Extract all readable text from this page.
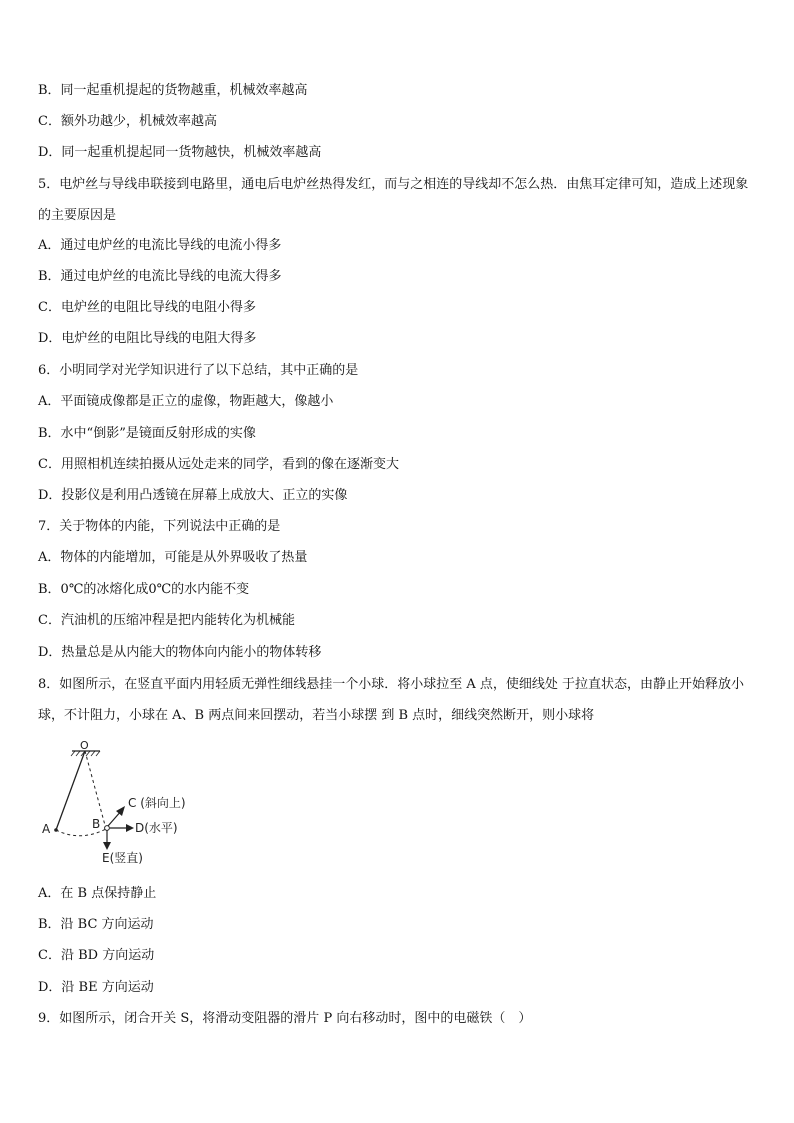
B．同一起重机提起的货物越重，机械效率越高
C．额外功越少，机械效率越高
D．同一起重机提起同一货物越快，机械效率越高
5．电炉丝与导线串联接到电路里，通电后电炉丝热得发红，而与之相连的导线却不怎么热．由焦耳定律可知，造成上述现象的主要原因是
A．通过电炉丝的电流比导线的电流小得多
B．通过电炉丝的电流比导线的电流大得多
C．电炉丝的电阻比导线的电阻小得多
D．电炉丝的电阻比导线的电阻大得多
6．小明同学对光学知识进行了以下总结，其中正确的是
A．平面镜成像都是正立的虚像，物距越大，像越小
B．水中“倒影”是镜面反射形成的实像
C．用照相机连续拍摄从远处走来的同学，看到的像在逐渐变大
D．投影仪是利用凸透镜在屏幕上成放大、正立的实像
7．关于物体的内能，下列说法中正确的是
A．物体的内能增加，可能是从外界吸收了热量
B．0℃的冰熔化成0℃的水内能不变
C．汽油机的压缩冲程是把内能转化为机械能
D．热量总是从内能大的物体向内能小的物体转移
8．如图所示，在竖直平面内用轻质无弹性细线悬挂一个小球．将小球拉至 A 点，使细线处 于拉直状态，由静止开始释放小球，不计阻力，小球在 A、B 两点间来回摆动，若当小球摆 到 B 点时，细线突然断开，则小球将
O
A	B
C (斜向上)
D(水平)
E(竖直)
A．在 B 点保持静止
B．沿 BC 方向运动
C．沿 BD 方向运动
D．沿 BE 方向运动
9．如图所示，闭合开关 S，将滑动变阻器的滑片 P 向右移动时，图中的电磁铁（　）
